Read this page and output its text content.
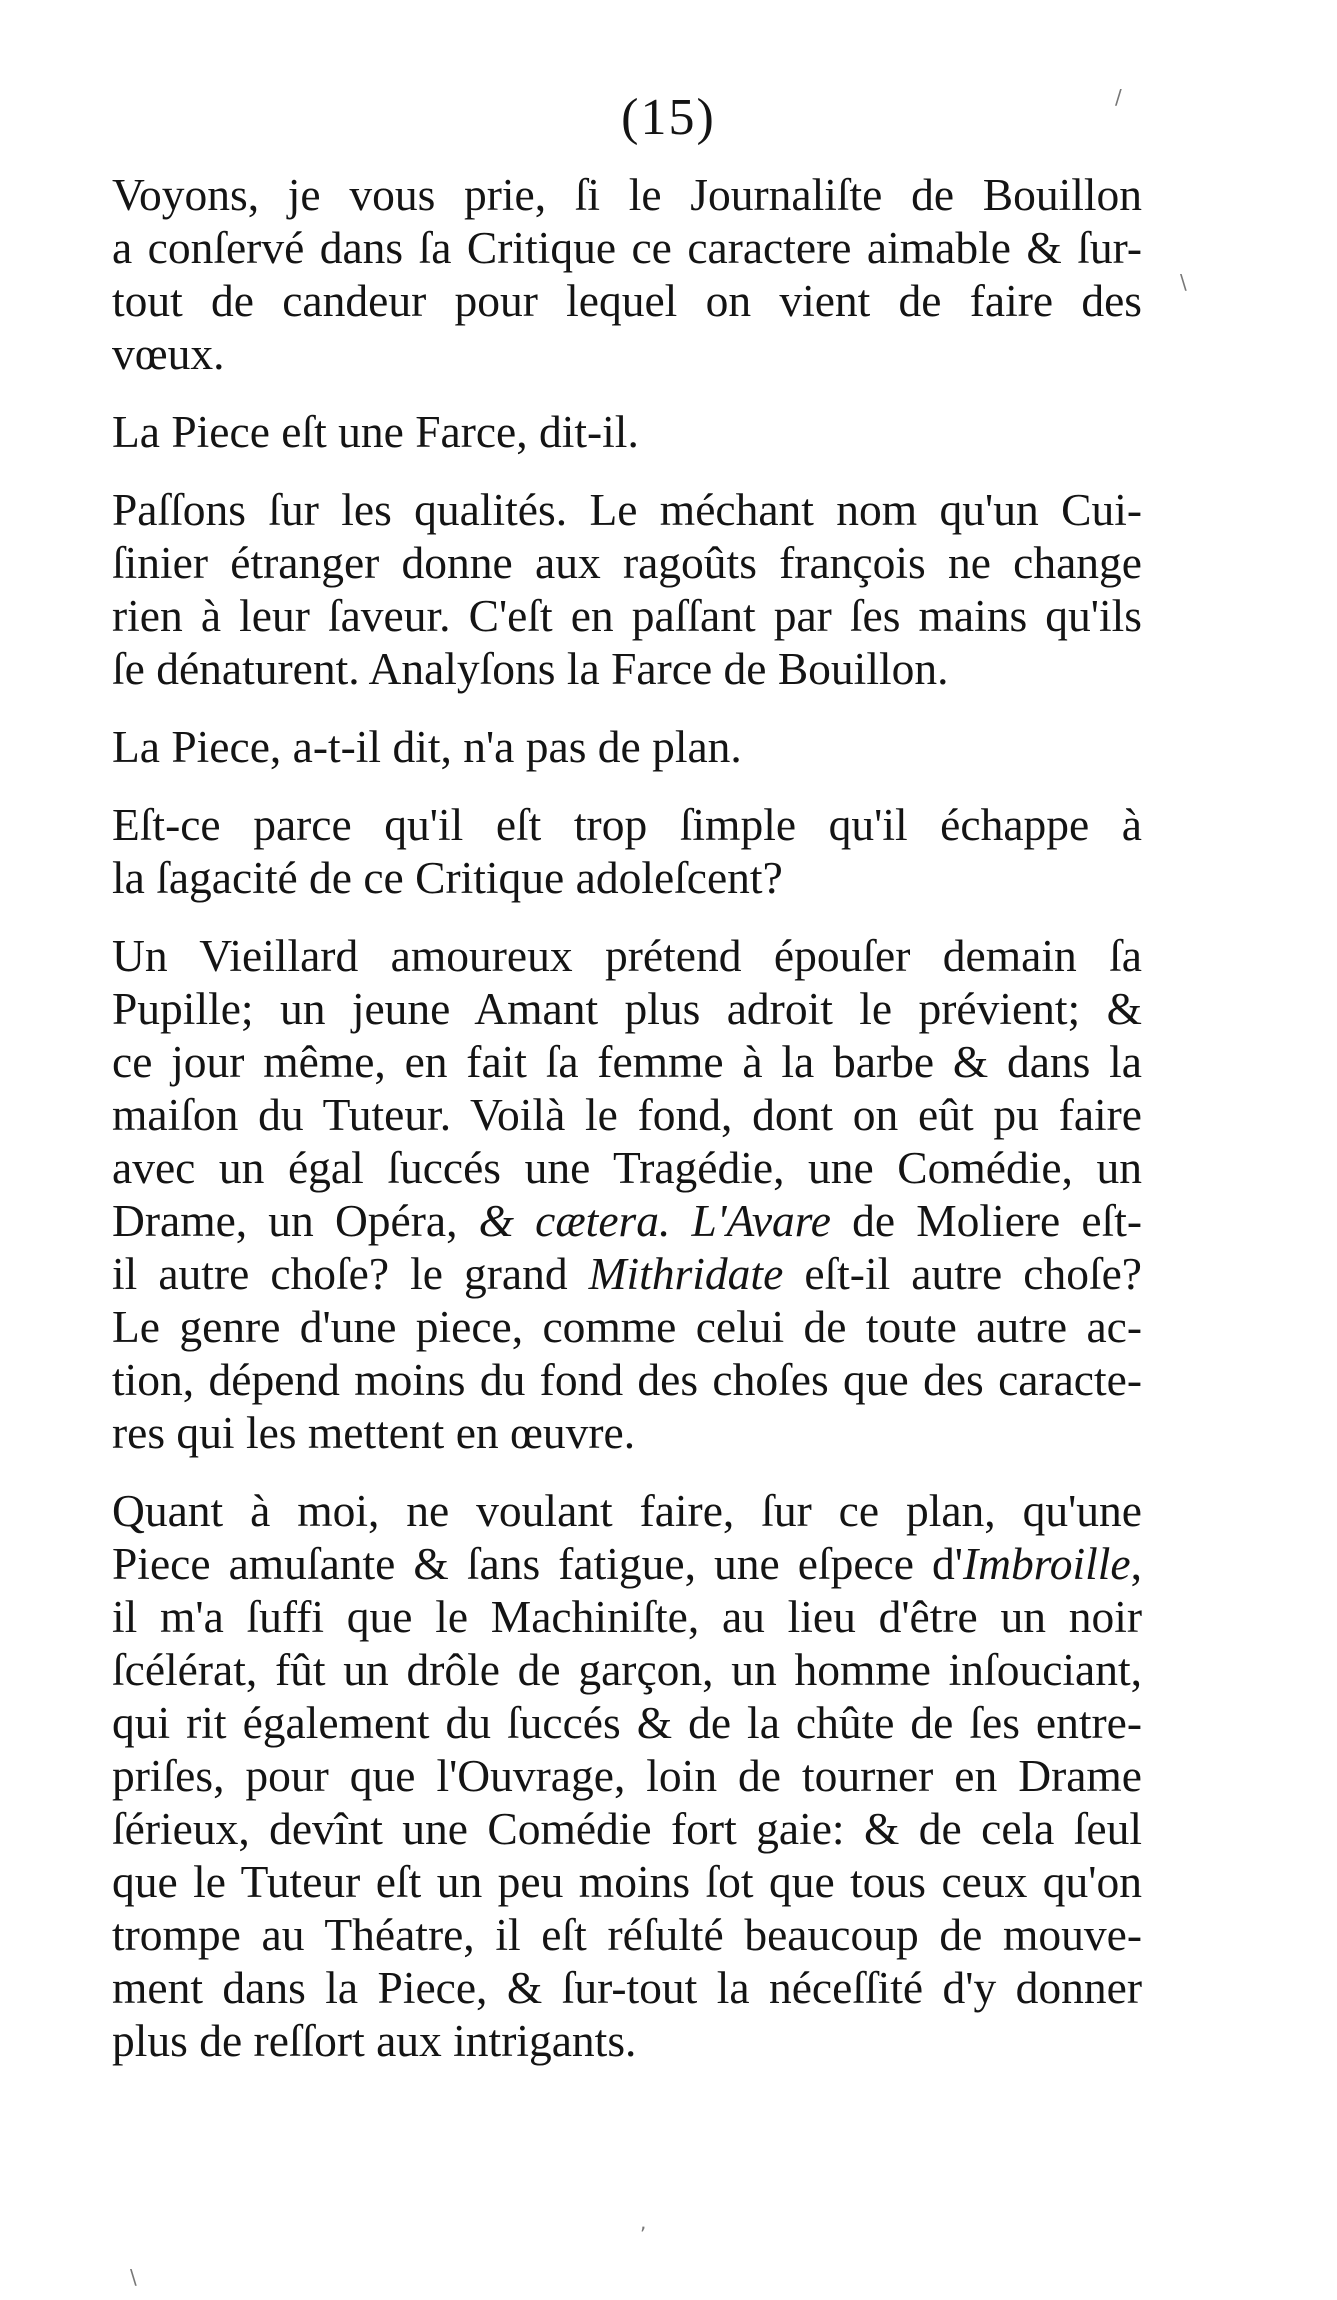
(15)
Voyons, je vous prie, ſi le Journaliſte de Bouillon
a conſervé dans ſa Critique ce caractere aimable & ſur-
tout de candeur pour lequel on vient de faire des
vœux.
La Piece eſt une Farce, dit-il.
Paſſons ſur les qualités. Le méchant nom qu'un Cui-
ſinier étranger donne aux ragoûts françois ne change
rien à leur ſaveur. C'eſt en paſſant par ſes mains qu'ils
ſe dénaturent. Analyſons la Farce de Bouillon.
La Piece, a-t-il dit, n'a pas de plan.
Eſt-ce parce qu'il eſt trop ſimple qu'il échappe à
la ſagacité de ce Critique adoleſcent?
Un Vieillard amoureux prétend épouſer demain ſa
Pupille; un jeune Amant plus adroit le prévient; &
ce jour même, en fait ſa femme à la barbe & dans la
maiſon du Tuteur. Voilà le fond, dont on eût pu faire
avec un égal ſuccés une Tragédie, une Comédie, un
Drame, un Opéra, & cætera. L'Avare de Moliere eſt-
il autre choſe? le grand Mithridate eſt-il autre choſe?
Le genre d'une piece, comme celui de toute autre ac-
tion, dépend moins du fond des choſes que des caracte-
res qui les mettent en œuvre.
Quant à moi, ne voulant faire, ſur ce plan, qu'une
Piece amuſante & ſans fatigue, une eſpece d'Imbroille,
il m'a ſuffi que le Machiniſte, au lieu d'être un noir
ſcélérat, fût un drôle de garçon, un homme inſouciant,
qui rit également du ſuccés & de la chûte de ſes entre-
priſes, pour que l'Ouvrage, loin de tourner en Drame
ſérieux, devînt une Comédie fort gaie: & de cela ſeul
que le Tuteur eſt un peu moins ſot que tous ceux qu'on
trompe au Théatre, il eſt réſulté beaucoup de mouve-
ment dans la Piece, & ſur-tout la néceſſité d'y donner
plus de reſſort aux intrigants.
/
\
,
\
